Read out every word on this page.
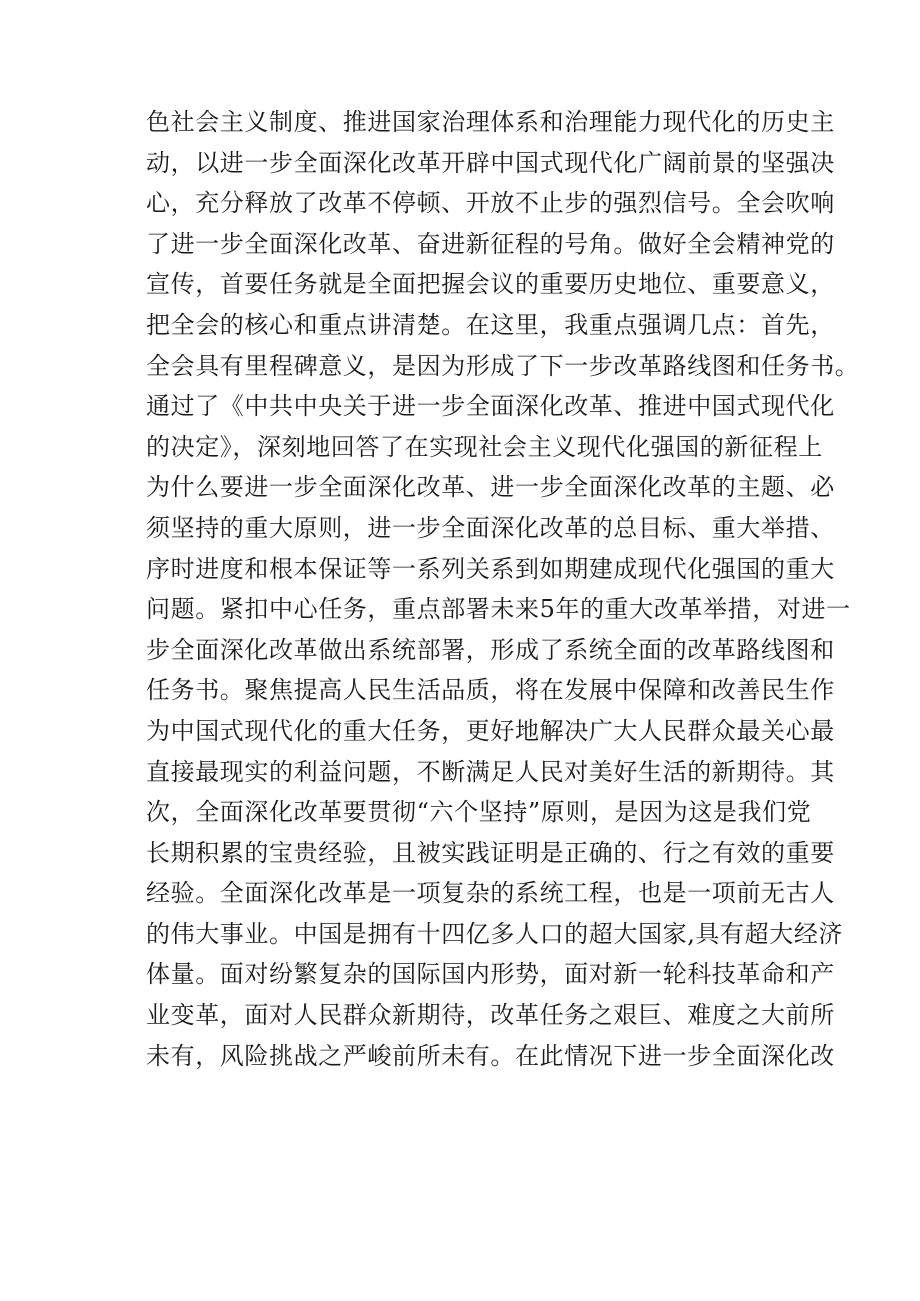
色社会主义制度、推进国家治理体系和治理能力现代化的历史主
动，以进一步全面深化改革开辟中国式现代化广阔前景的坚强决
心，充分释放了改革不停顿、开放不止步的强烈信号。全会吹响
了进一步全面深化改革、奋进新征程的号角。做好全会精神党的
宣传，首要任务就是全面把握会议的重要历史地位、重要意义，
把全会的核心和重点讲清楚。在这里，我重点强调几点：首先，
全会具有里程碑意义，是因为形成了下一步改革路线图和任务书。
通过了《中共中央关于进一步全面深化改革、推进中国式现代化
的决定》，深刻地回答了在实现社会主义现代化强国的新征程上
为什么要进一步全面深化改革、进一步全面深化改革的主题、必
须坚持的重大原则，进一步全面深化改革的总目标、重大举措、
序时进度和根本保证等一系列关系到如期建成现代化强国的重大
问题。紧扣中心任务，重点部署未来5年的重大改革举措，对进一
步全面深化改革做出系统部署，形成了系统全面的改革路线图和
任务书。聚焦提高人民生活品质，将在发展中保障和改善民生作
为中国式现代化的重大任务，更好地解决广大人民群众最关心最
直接最现实的利益问题，不断满足人民对美好生活的新期待。其
次，全面深化改革要贯彻“六个坚持”原则，是因为这是我们党
长期积累的宝贵经验，且被实践证明是正确的、行之有效的重要
经验。全面深化改革是一项复杂的系统工程，也是一项前无古人
的伟大事业。中国是拥有十四亿多人口的超大国家,具有超大经济
体量。面对纷繁复杂的国际国内形势，面对新一轮科技革命和产
业变革，面对人民群众新期待，改革任务之艰巨、难度之大前所
未有，风险挑战之严峻前所未有。在此情况下进一步全面深化改
